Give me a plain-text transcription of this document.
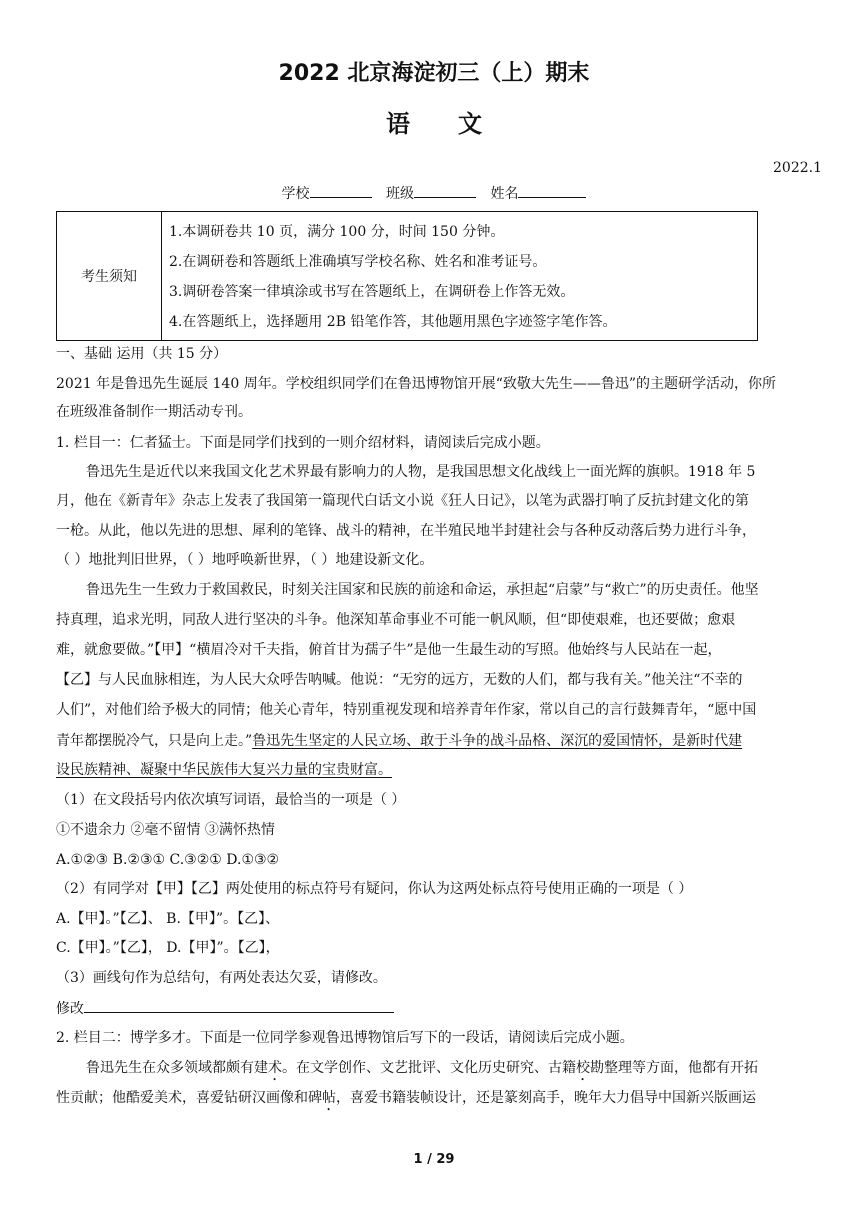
2022 北京海淀初三（上）期末
语文
2022.1
学校	班级	姓名
考生须知
1.本调研卷共 10 页，满分 100 分，时间 150 分钟。
2.在调研卷和答题纸上准确填写学校名称、姓名和准考证号。
3.调研卷答案一律填涂或书写在答题纸上，在调研卷上作答无效。
4.在答题纸上，选择题用 2B 铅笔作答，其他题用黑色字迹签字笔作答。
一、基础 运用（共 15 分）
2021 年是鲁迅先生诞辰 140 周年。学校组织同学们在鲁迅博物馆开展“致敬大先生——鲁迅”的主题研学活动，你所
在班级准备制作一期活动专刊。
1. 栏目一：仁者猛士。下面是同学们找到的一则介绍材料，请阅读后完成小题。
鲁迅先生是近代以来我国文化艺术界最有影响力的人物，是我国思想文化战线上一面光辉的旗帜。1918 年 5
月，他在《新青年》杂志上发表了我国第一篇现代白话文小说《狂人日记》，以笔为武器打响了反抗封建文化的第
一枪。从此，他以先进的思想、犀利的笔锋、战斗的精神，在半殖民地半封建社会与各种反动落后势力进行斗争，
（ ）地批判旧世界，（ ）地呼唤新世界，（ ）地建设新文化。
鲁迅先生一生致力于救国救民，时刻关注国家和民族的前途和命运，承担起“启蒙”与“救亡”的历史责任。他坚
持真理，追求光明，同敌人进行坚决的斗争。他深知革命事业不可能一帆风顺，但“即使艰难，也还要做；愈艰
难，就愈要做。”【甲】“横眉冷对千夫指，俯首甘为孺子牛”是他一生最生动的写照。他始终与人民站在一起，
【乙】与人民血脉相连，为人民大众呼告呐喊。他说：“无穷的远方，无数的人们，都与我有关。”他关注“不幸的
人们”，对他们给予极大的同情；他关心青年，特别重视发现和培养青年作家，常以自己的言行鼓舞青年，“愿中国
青年都摆脱冷气，只是向上走。”鲁迅先生坚定的人民立场、敢于斗争的战斗品格、深沉的爱国情怀，是新时代建
设民族精神、凝聚中华民族伟大复兴力量的宝贵财富。
（1）在文段括号内依次填写词语，最恰当的一项是（ ）
①不遗余力 ②毫不留情 ③满怀热情
A.①②③ B.②③① C.③②① D.①③②
（2）有同学对【甲】【乙】两处使用的标点符号有疑问，你认为这两处标点符号使用正确的一项是（ ）
A.【甲】。”【乙】、 B.【甲】”。【乙】、
C.【甲】。”【乙】， D.【甲】”。【乙】，
（3）画线句作为总结句，有两处表达欠妥，请修改。
修改
2. 栏目二：博学多才。下面是一位同学参观鲁迅博物馆后写下的一段话，请阅读后完成小题。
鲁迅先生在众多领域都颇有建术。在文学创作、文艺批评、文化历史研究、古籍校勘整理等方面，他都有开拓
性贡献；他酷爱美术，喜爱钻研汉画像和碑帖，喜爱书籍装帧设计，还是篆刻高手，晚年大力倡导中国新兴版画运
1 / 29
